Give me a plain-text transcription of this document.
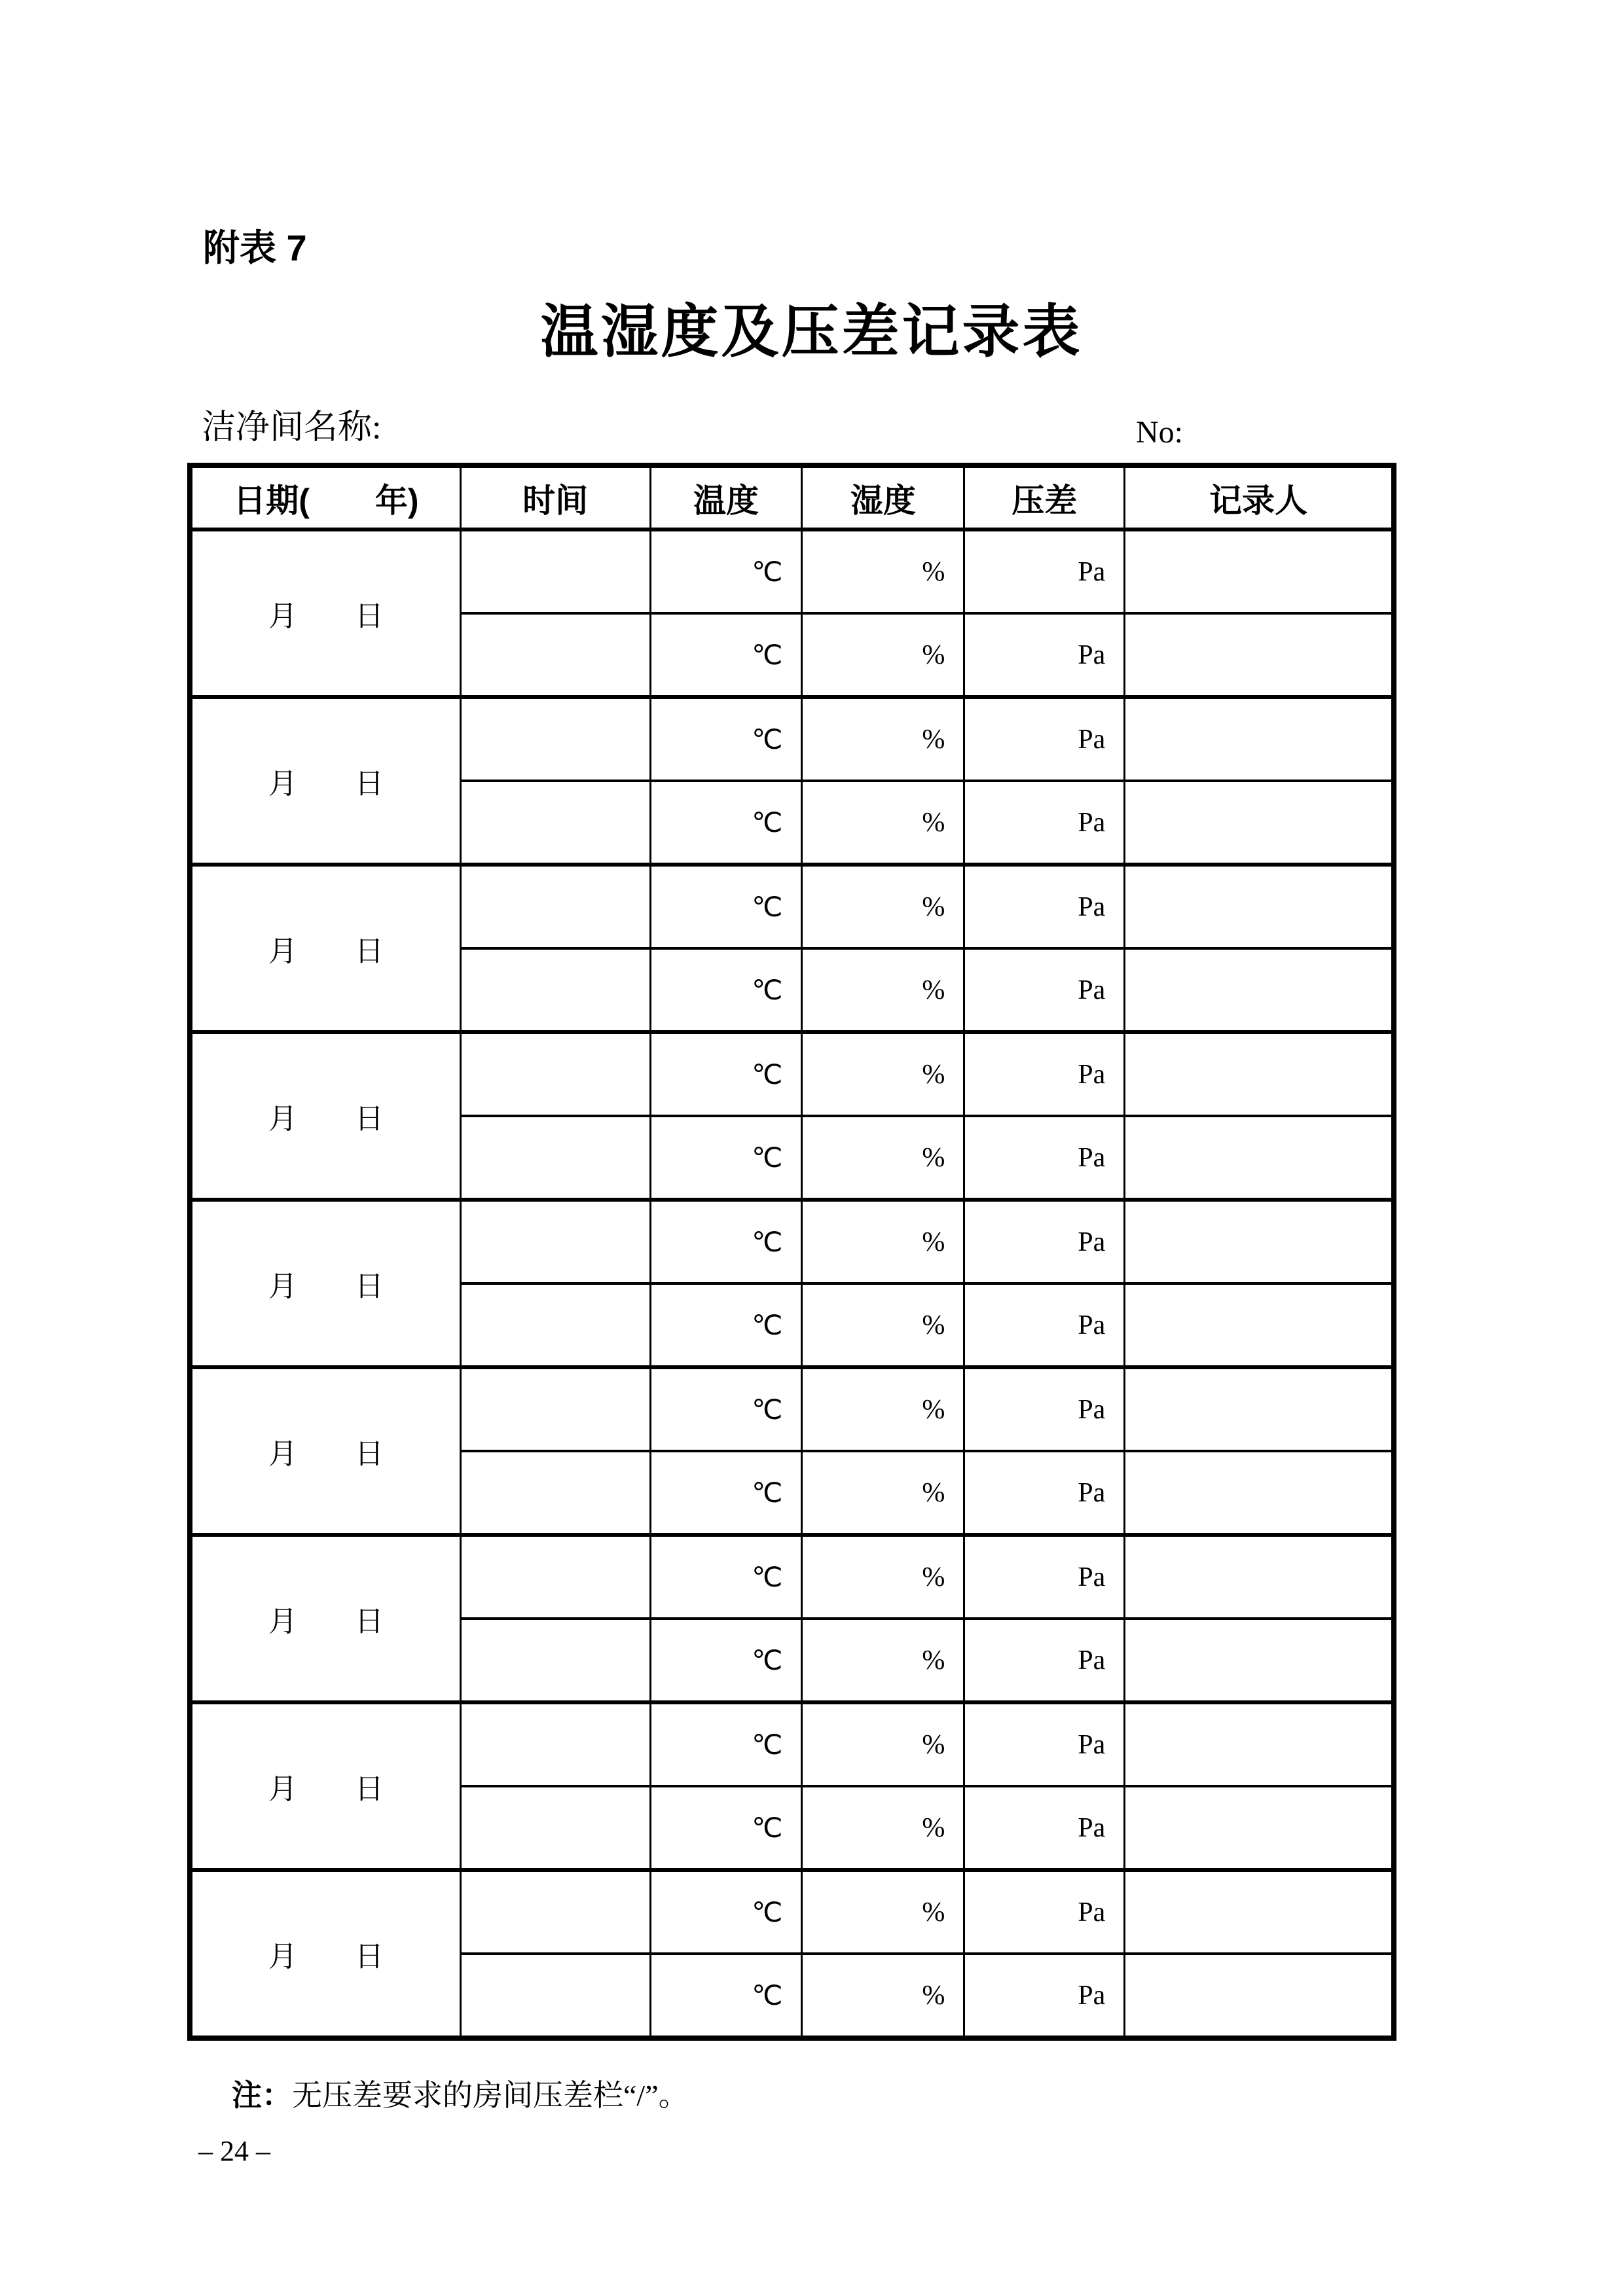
附表 7
温湿度及压差记录表
洁净间名称:	No:
日期(　　年)	时间	温度	湿度	压差	记录人
月　　日		℃	%	Pa	
		℃	%	Pa	
月　　日		℃	%	Pa	
		℃	%	Pa	
月　　日		℃	%	Pa	
		℃	%	Pa	
月　　日		℃	%	Pa	
		℃	%	Pa	
月　　日		℃	%	Pa	
		℃	%	Pa	
月　　日		℃	%	Pa	
		℃	%	Pa	
月　　日		℃	%	Pa	
		℃	%	Pa	
月　　日		℃	%	Pa	
		℃	%	Pa	
月　　日		℃	%	Pa	
		℃	%	Pa	

注：无压差要求的房间压差栏“/”。

– 24 –
